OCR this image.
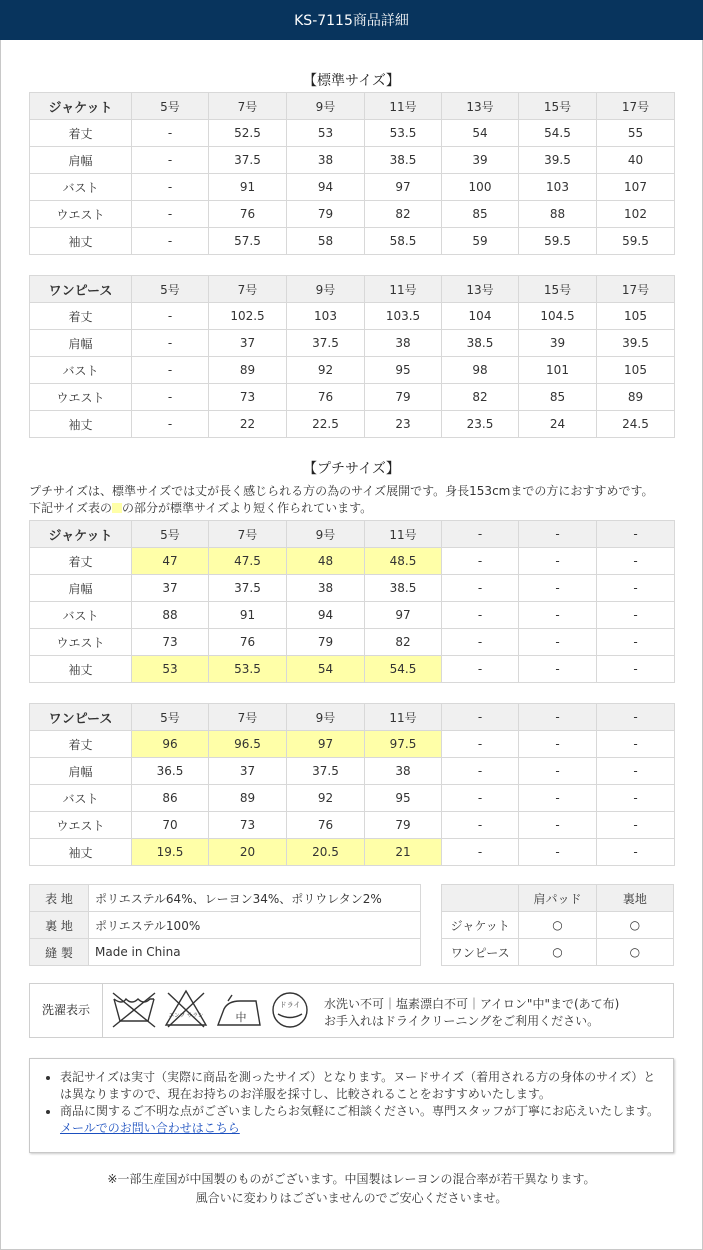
KS-7115商品詳細
【標準サイズ】
ジャケット	5号	7号	9号	11号	13号	15号	17号
着丈	-	52.5	53	53.5	54	54.5	55
肩幅	-	37.5	38	38.5	39	39.5	40
バスト	-	91	94	97	100	103	107
ウエスト	-	76	79	82	85	88	102
袖丈	-	57.5	58	58.5	59	59.5	59.5
ワンピース	5号	7号	9号	11号	13号	15号	17号
着丈	-	102.5	103	103.5	104	104.5	105
肩幅	-	37	37.5	38	38.5	39	39.5
バスト	-	89	92	95	98	101	105
ウエスト	-	73	76	79	82	85	89
袖丈	-	22	22.5	23	23.5	24	24.5
【プチサイズ】
プチサイズは、標準サイズでは丈が長く感じられる方の為のサイズ展開です。身長153cmまでの方におすすめです。
下記サイズ表の の部分が標準サイズより短く作られています。
ジャケット	5号	7号	9号	11号	-	-	-
着丈	47	47.5	48	48.5	-	-	-
肩幅	37	37.5	38	38.5	-	-	-
バスト	88	91	94	97	-	-	-
ウエスト	73	76	79	82	-	-	-
袖丈	53	53.5	54	54.5	-	-	-
ワンピース	5号	7号	9号	11号	-	-	-
着丈	96	96.5	97	97.5	-	-	-
肩幅	36.5	37	37.5	38	-	-	-
バスト	86	89	92	95	-	-	-
ウエスト	70	73	76	79	-	-	-
袖丈	19.5	20	20.5	21	-	-	-
表 地	ポリエステル64%、レーヨン34%、ポリウレタン2%
裏 地	ポリエステル100%
縫 製	Made in China
	肩パッド	裏地
ジャケット	○	○
ワンピース	○	○
洗濯表示	エンソ サラシ	中
ドライ 水洗い不可｜塩素漂白不可｜アイロン"中"まで(あて布)
お手入れはドライクリーニングをご利用ください。
• 表記サイズは実寸（実際に商品を測ったサイズ）となります。ヌードサイズ（着用される方の身体のサイズ）とは異なりますので、現在お持ちのお洋服を採寸し、比較されることをおすすめいたします。
• 商品に関するご不明な点がございましたらお気軽にご相談ください。専門スタッフが丁寧にお応えいたします。
メールでのお問い合わせはこちら
※一部生産国が中国製のものがございます。中国製はレーヨンの混合率が若干異なります。
風合いに変わりはございませんのでご安心くださいませ。
